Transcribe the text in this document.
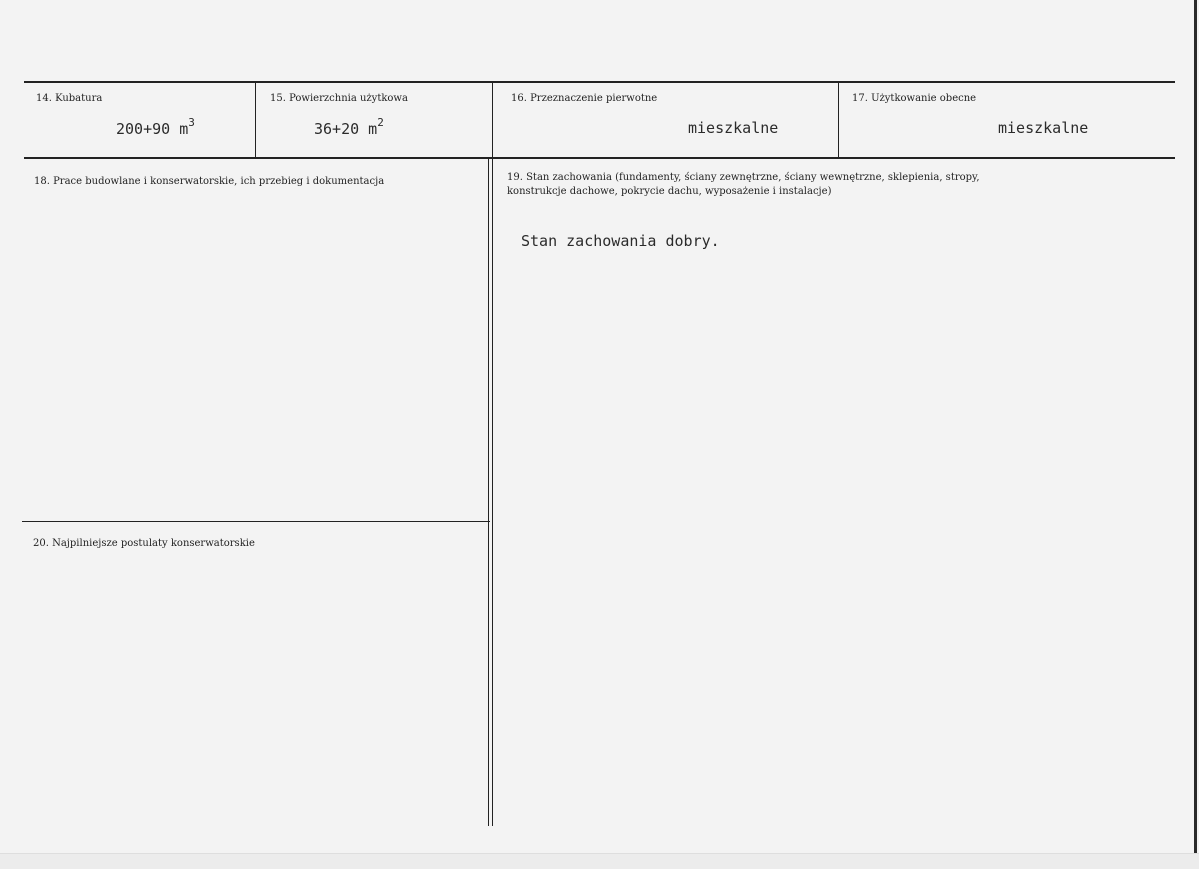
14. Kubatura
200+90 $m^3$
15. Powierzchnia użytkowa
36+20 $m^2$
16. Przeznaczenie pierwotne
mieszkalne
17. Użytkowanie obecne
mieszkalne
18. Prace budowlane i konserwatorskie, ich przebieg i dokumentacja	19. Stan zachowania (fundamenty, ściany zewnętrzne, ściany wewnętrzne, sklepienia, stropy,
konstrukcje dachowe, pokrycie dachu, wyposażenie i instalacje)
Stan zachowania dobry.
20. Najpilniejsze postulaty konserwatorskie
